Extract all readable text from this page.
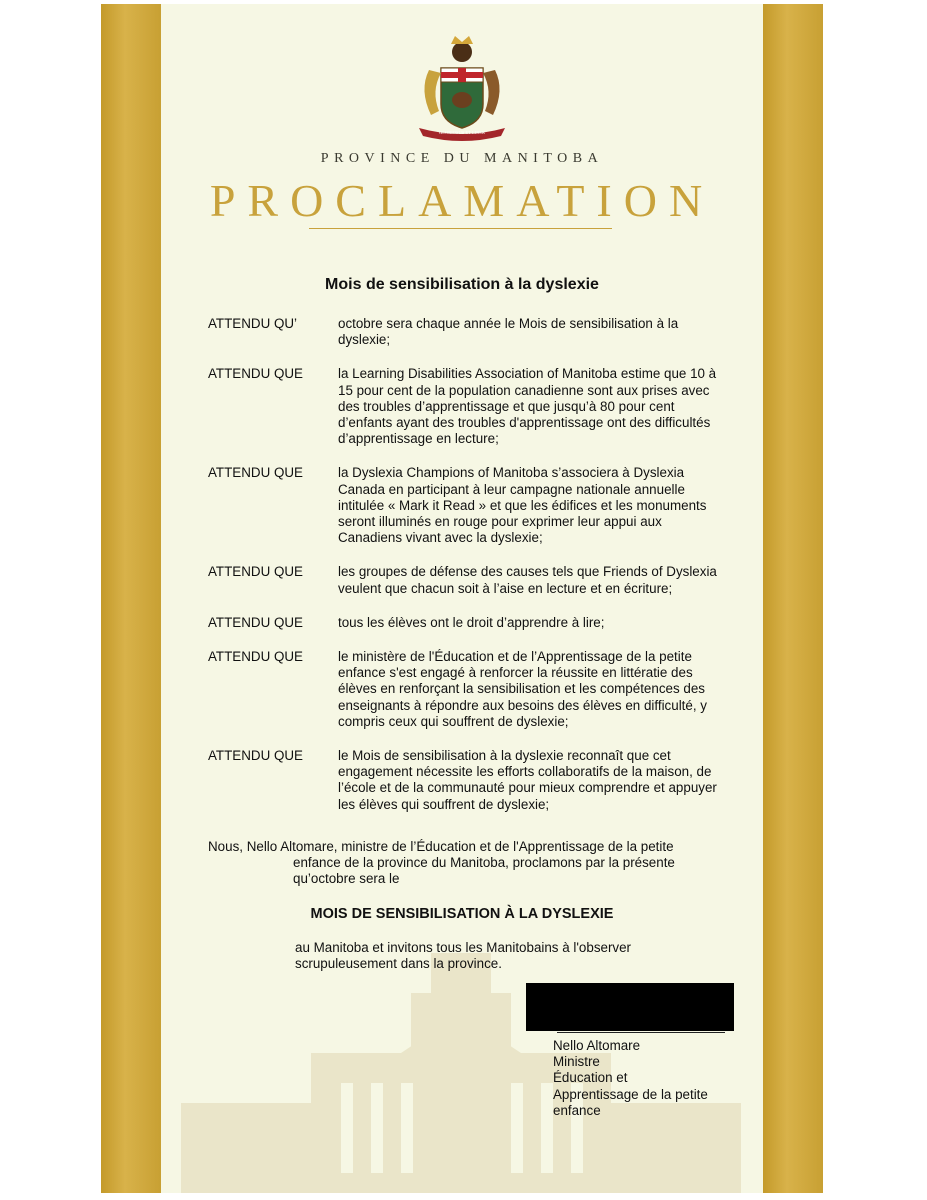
GLORIOSUS ET LIBER
PROVINCE DU MANITOBA
PROCLAMATION
Mois de sensibilisation à la dyslexie
ATTENDU QU’	octobre sera chaque année le Mois de sensibilisation à la dyslexie;
ATTENDU QUE	la Learning Disabilities Association of Manitoba estime que 10 à 15 pour cent de la population canadienne sont aux prises avec des troubles d’apprentissage et que jusqu’à 80 pour cent d’enfants ayant des troubles d'apprentissage ont des difficultés d’apprentissage en lecture;
ATTENDU QUE	la Dyslexia Champions of Manitoba s’associera à Dyslexia Canada en participant à leur campagne nationale annuelle intitulée « Mark it Read » et que les édifices et les monuments seront illuminés en rouge pour exprimer leur appui aux Canadiens vivant avec la dyslexie;
ATTENDU QUE	les groupes de défense des causes tels que Friends of Dyslexia veulent que chacun soit à l’aise en lecture et en écriture;
ATTENDU QUE	tous les élèves ont le droit d’apprendre à lire;
ATTENDU QUE	le ministère de l'Éducation et de l’Apprentissage de la petite enfance s'est engagé à renforcer la réussite en littératie des élèves en renforçant la sensibilisation et les compétences des enseignants à répondre aux besoins des élèves en difficulté, y compris ceux qui souffrent de dyslexie;
ATTENDU QUE	le Mois de sensibilisation à la dyslexie reconnaît que cet engagement nécessite les efforts collaboratifs de la maison, de l’école et de la communauté pour mieux comprendre et appuyer les élèves qui souffrent de dyslexie;
Nous, Nello Altomare, ministre de l’Éducation et de l'Apprentissage de la petite
enfance de la province du Manitoba, proclamons par la présente qu’octobre sera le
MOIS DE SENSIBILISATION À LA DYSLEXIE
au Manitoba et invitons tous les Manitobains à l'observer scrupuleusement dans la province.
Nello Altomare
Ministre
Éducation et
Apprentissage de la petite
enfance
